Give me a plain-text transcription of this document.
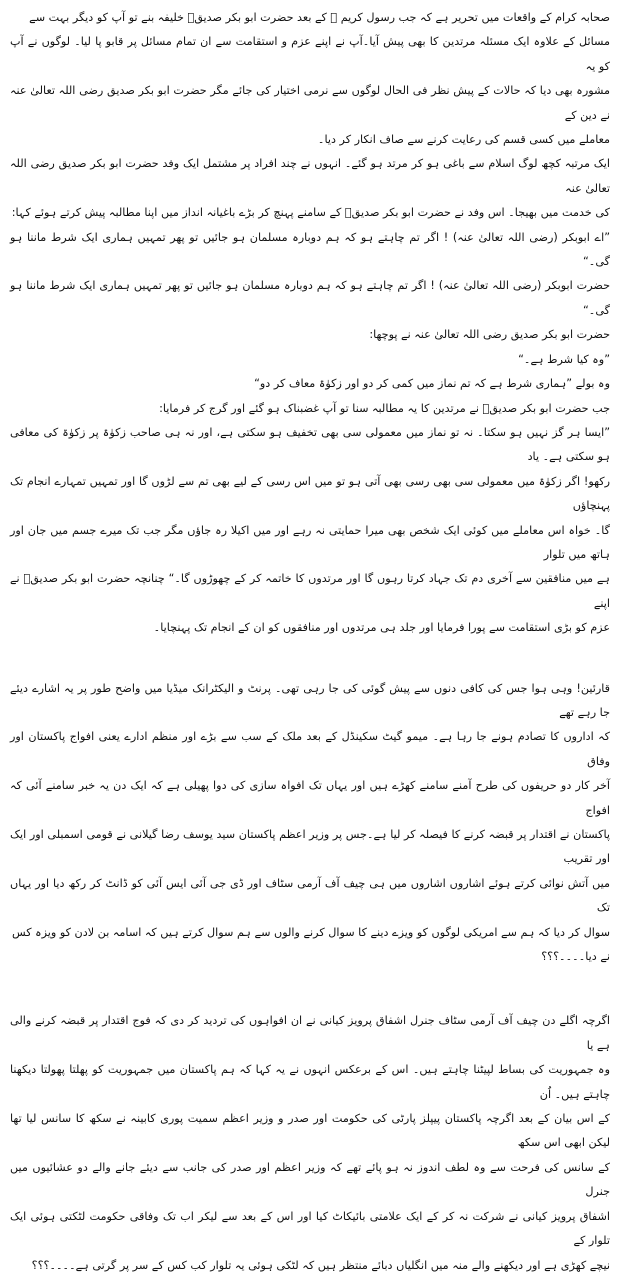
صحابہ کرام کے واقعات میں تحریر ہے کہ جب رسول کریم ﷺ کے بعد حضرت ابو بکر صدیقؓ خلیفہ بنے تو آپ کو دیگر بہت سے
مسائل کے علاوہ ایک مسئلہ مرتدین کا بھی پیش آیا۔آپ نے اپنے عزم و استقامت سے ان تمام مسائل پر قابو پا لیا۔ لوگوں نے آپ کو یہ
مشورہ بھی دیا کہ حالات کے پیش نظر فی الحال لوگوں سے نرمی اختیار کی جائے مگر حضرت ابو بکر صدیق رضی اللہ تعالیٰ عنہ نے دین کے
معاملے میں کسی قسم کی رعایت کرنے سے صاف انکار کر دیا۔
ایک مرتبہ کچھ لوگ اسلام سے باغی ہو کر مرتد ہو گئے۔ انہوں نے چند افراد پر مشتمل ایک وفد حضرت ابو بکر صدیق رضی اللہ تعالیٰ عنہ
کی خدمت میں بھیجا۔ اس وفد نے حضرت ابو بکر صدیقؓ کے سامنے پہنچ کر بڑے باغیانہ انداز میں اپنا مطالبہ پیش کرتے ہوئے کہا:
”اے ابوبکر (رضی اللہ تعالیٰ عنہ) ! اگر تم چاہتے ہو کہ ہم دوبارہ مسلمان ہو جائیں تو پھر تمہیں ہماری ایک شرط ماننا ہو گی۔“
حضرت ابوبکر (رضی اللہ تعالیٰ عنہ) ! اگر تم چاہتے ہو کہ ہم دوبارہ مسلمان ہو جائیں تو پھر تمہیں ہماری ایک شرط ماننا ہو گی۔“
حضرت ابو بکر صدیق رضی اللہ تعالیٰ عنہ نے پوچھا:
”وہ کیا شرط ہے۔“
وہ بولے ”ہماری شرط ہے کہ تم نماز میں کمی کر دو اور زکوٰۃ معاف کر دو“
جب حضرت ابو بکر صدیقؓ نے مرتدین کا یہ مطالبہ سنا تو آپ غضبناک ہو گئے اور گرج کر فرمایا:
”ایسا ہر گز نہیں ہو سکتا۔ نہ تو نماز میں معمولی سی بھی تخفیف ہو سکتی ہے، اور نہ ہی صاحب زکوٰۃ پر زکوٰۃ کی معافی ہو سکتی ہے۔ یاد
رکھو! اگر زکوٰۃ میں معمولی سی بھی رسی بھی آتی ہو تو میں اس رسی کے لیے بھی تم سے لڑوں گا اور تمہیں تمہارے انجام تک پہنچاؤں
گا۔ خواہ اس معاملے میں کوئی ایک شخص بھی میرا حمایتی نہ رہے اور میں اکیلا رہ جاؤں مگر جب تک میرے جسم میں جان اور ہاتھ میں تلوار
ہے میں منافقین سے آخری دم تک جہاد کرتا رہوں گا اور مرتدوں کا خاتمہ کر کے چھوڑوں گا۔“ چنانچہ حضرت ابو بکر صدیقؓ نے اپنے
عزم کو بڑی استقامت سے پورا فرمایا اور جلد ہی مرتدوں اور منافقوں کو ان کے انجام تک پہنچایا۔
قارئین! وہی ہوا جس کی کافی دنوں سے پیش گوئی کی جا رہی تھی۔ پرنٹ و الیکٹرانک میڈیا میں واضح طور پر یہ اشارے دیئے جا رہے تھے
کہ اداروں کا تصادم ہونے جا رہا ہے۔ میمو گیٹ سکینڈل کے بعد ملک کے سب سے بڑے اور منظم ادارے یعنی افواج پاکستان اور وفاق
آخر کار دو حریفوں کی طرح آمنے سامنے کھڑے ہیں اور یہاں تک افواہ سازی کی دوا پھیلی ہے کہ ایک دن یہ خبر سامنے آئی کہ افواج
پاکستان نے اقتدار پر قبضہ کرنے کا فیصلہ کر لیا ہے۔جس پر وزیر اعظم پاکستان سید یوسف رضا گیلانی نے قومی اسمبلی اور ایک اور تقریب
میں آتش نوائی کرتے ہوئے اشاروں اشاروں میں ہی چیف آف آرمی سٹاف اور ڈی جی آئی ایس آئی کو ڈانٹ کر رکھ دیا اور یہاں تک
سوال کر دیا کہ ہم سے امریکی لوگوں کو ویزے دینے کا سوال کرنے والوں سے ہم سوال کرتے ہیں کہ اسامہ بن لادن کو ویزہ کس
نے دیا۔۔۔۔؟؟؟
اگرچہ اگلے دن چیف آف آرمی سٹاف جنرل اشفاق پرویز کیانی نے ان افواہوں کی تردید کر دی کہ فوج اقتدار پر قبضہ کرنے والی ہے یا
وہ جمہوریت کی بساط لپیٹنا چاہتے ہیں۔ اس کے برعکس انہوں نے یہ کہا کہ ہم پاکستان میں جمہوریت کو پھلتا پھولتا دیکھنا چاہتے ہیں۔ اُن
کے اس بیان کے بعد اگرچہ پاکستان پیپلز پارٹی کی حکومت اور صدر و وزیر اعظم سمیت پوری کابینہ نے سکھ کا سانس لیا تھا لیکن ابھی اس سکھ
کے سانس کی فرحت سے وہ لطف اندوز نہ ہو پائے تھے کہ وزیر اعظم اور صدر کی جانب سے دیئے جانے والے دو عشائیوں میں جنرل
اشفاق پرویز کیانی نے شرکت نہ کر کے ایک علامتی بائیکاٹ کیا اور اس کے بعد سے لیکر اب تک وفاقی حکومت لٹکتی ہوئی ایک تلوار کے
نیچے کھڑی ہے اور دیکھنے والے منہ میں انگلیاں دبائے منتظر ہیں کہ لٹکی ہوئی یہ تلوار کب کس کے سر پر گرتی ہے۔۔۔۔؟؟؟
